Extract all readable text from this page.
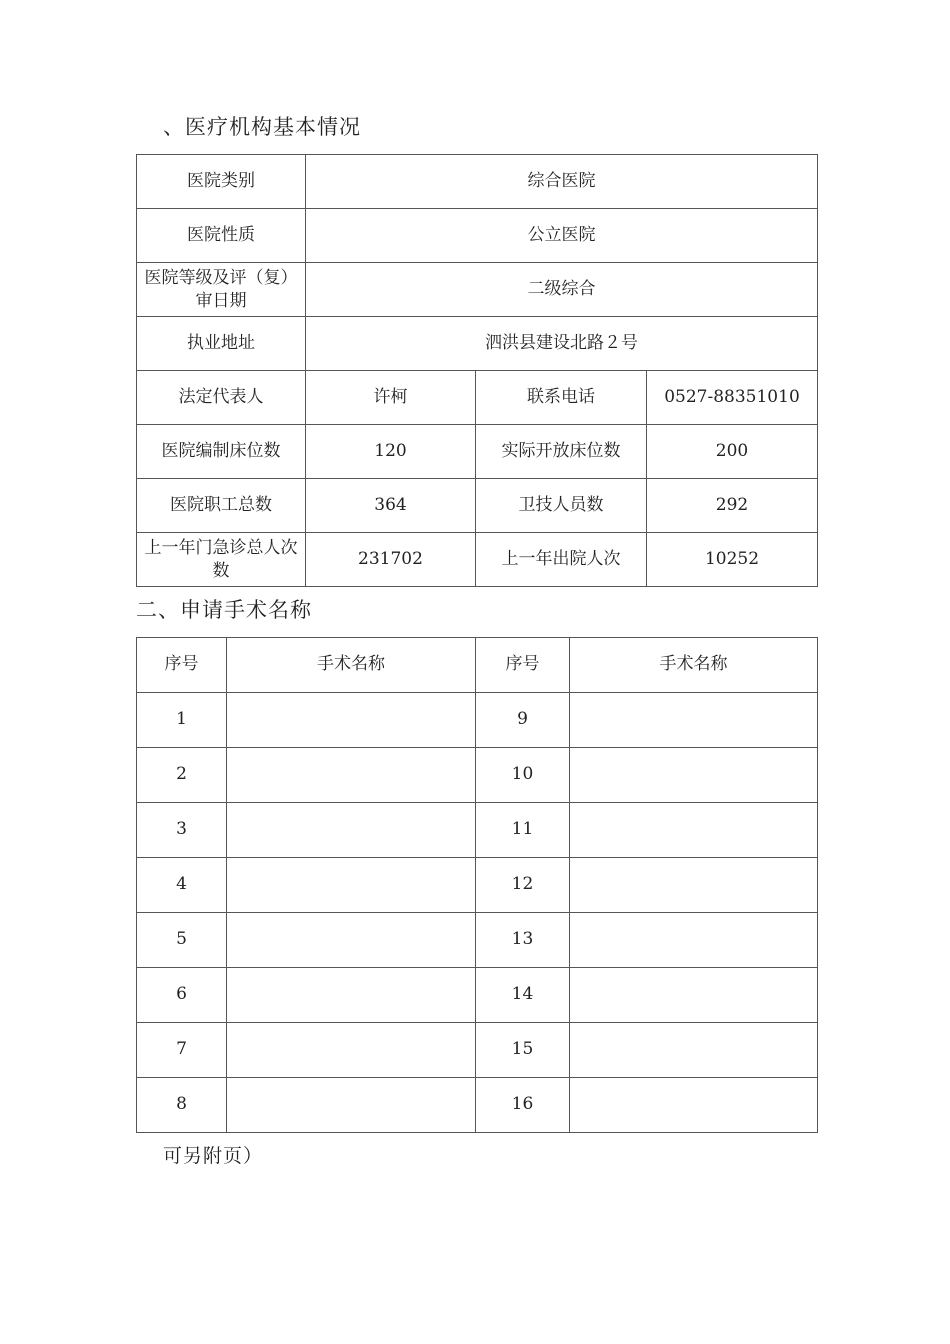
、医疗机构基本情况
医院类别	综合医院		
医院性质	公立医院		
医院等级及评（复）审日期	二级综合		
执业地址	泗洪县建设北路２号		
法定代表人	许柯	联系电话	0527-88351010
医院编制床位数	120	实际开放床位数	200
医院职工总数	364	卫技人员数	292
上一年门急诊总人次数	231702	上一年出院人次	10252
二、申请手术名称
序号	手术名称	序号	手术名称
1		9	
2		10	
3		11	
4		12	
5		13	
6		14	
7		15	
8		16	
可另附页）
